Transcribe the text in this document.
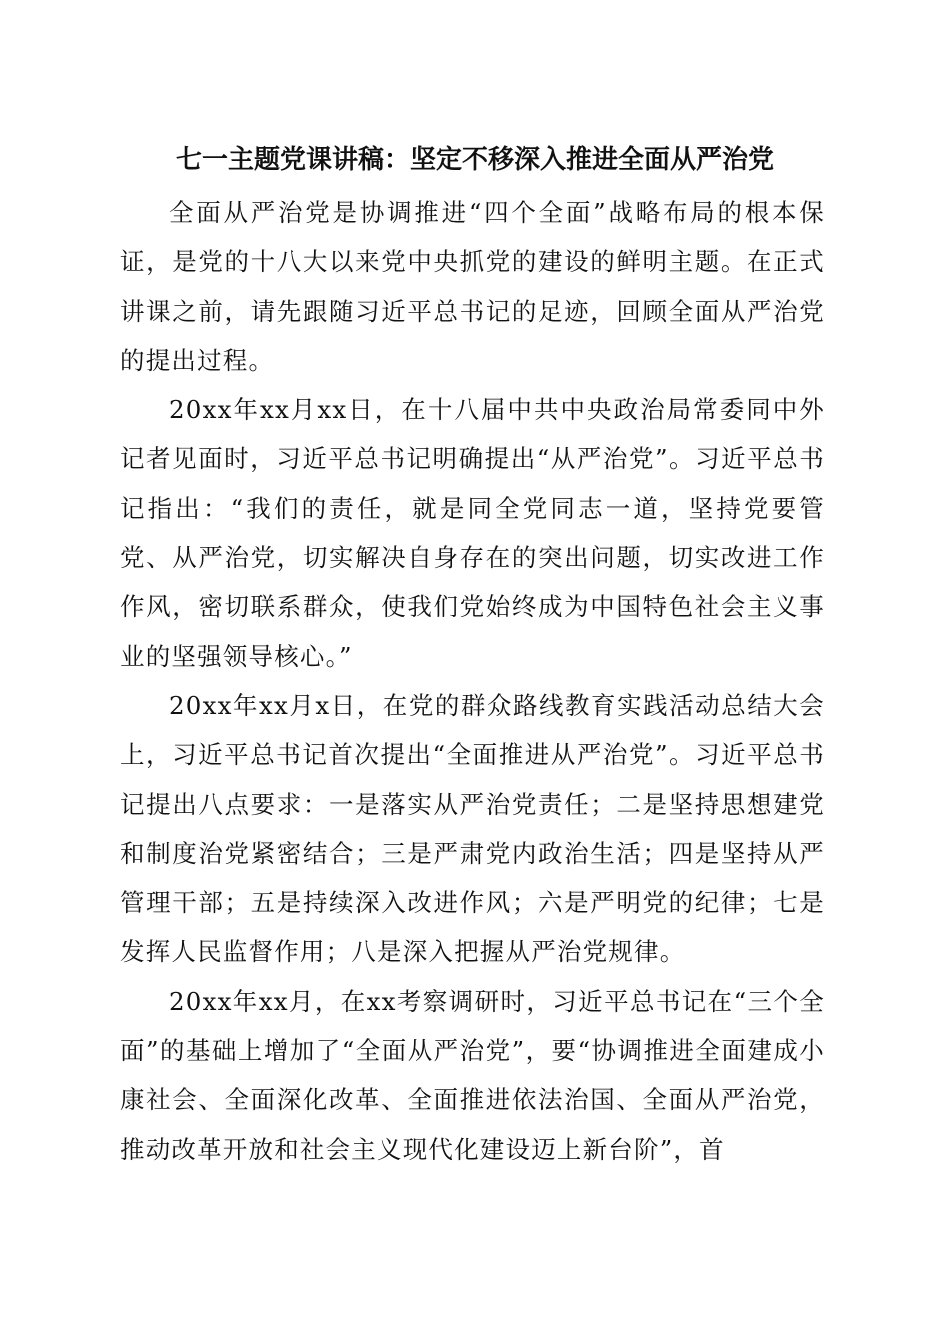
七一主题党课讲稿：坚定不移深入推进全面从严治党

全面从严治党是协调推进“四个全面”战略布局的根本保证，是党的十八大以来党中央抓党的建设的鲜明主题。在正式讲课之前，请先跟随习近平总书记的足迹，回顾全面从严治党的提出过程。

20xx年xx月xx日，在十八届中共中央政治局常委同中外记者见面时，习近平总书记明确提出“从严治党”。习近平总书记指出：“我们的责任，就是同全党同志一道，坚持党要管党、从严治党，切实解决自身存在的突出问题，切实改进工作作风，密切联系群众，使我们党始终成为中国特色社会主义事业的坚强领导核心。”

20xx年xx月x日，在党的群众路线教育实践活动总结大会上，习近平总书记首次提出“全面推进从严治党”。习近平总书记提出八点要求：一是落实从严治党责任；二是坚持思想建党和制度治党紧密结合；三是严肃党内政治生活；四是坚持从严管理干部；五是持续深入改进作风；六是严明党的纪律；七是发挥人民监督作用；八是深入把握从严治党规律。

20xx年xx月，在xx考察调研时，习近平总书记在“三个全面”的基础上增加了“全面从严治党”，要“协调推进全面建成小康社会、全面深化改革、全面推进依法治国、全面从严治党，推动改革开放和社会主义现代化建设迈上新台阶”，首
